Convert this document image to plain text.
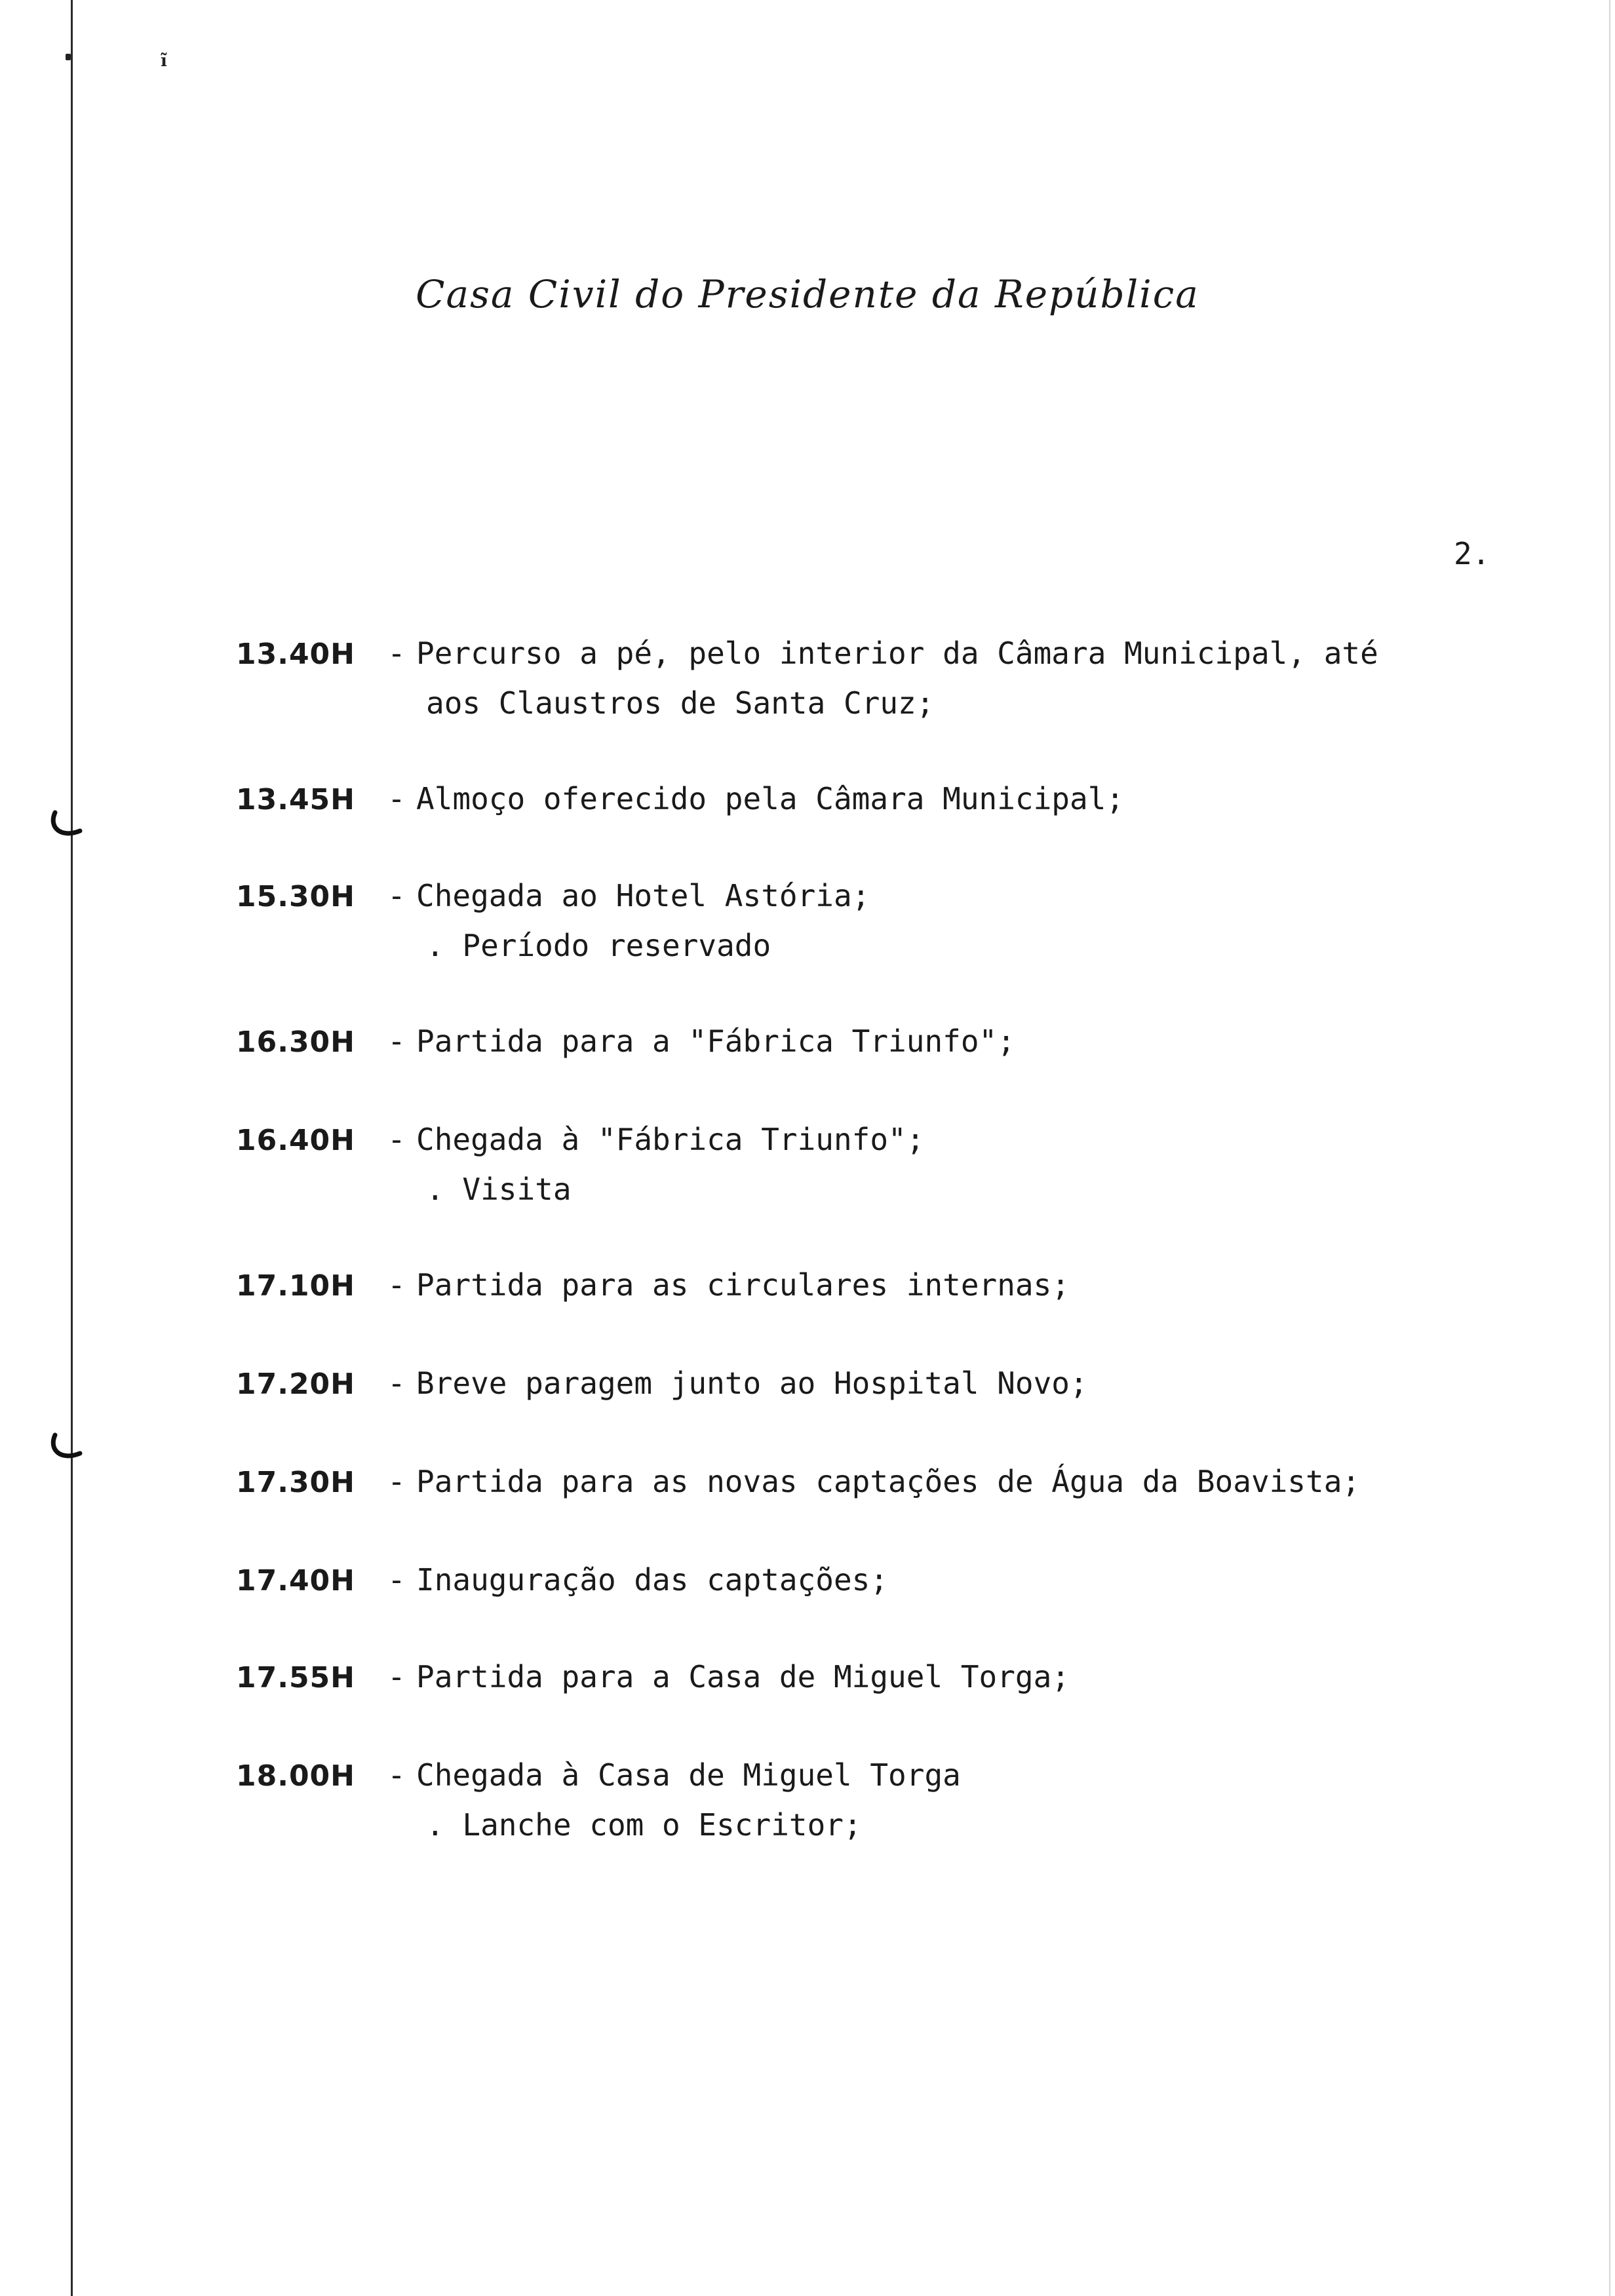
ĩ
Casa Civil do Presidente da República
2.
13.40H - Percurso a pé, pelo interior da Câmara Municipal, até
aos Claustros de Santa Cruz;
13.45H - Almoço oferecido pela Câmara Municipal;
15.30H - Chegada ao Hotel Astória;
. Período reservado
16.30H - Partida para a "Fábrica Triunfo";
16.40H - Chegada à "Fábrica Triunfo";
. Visita
17.10H - Partida para as circulares internas;
17.20H - Breve paragem junto ao Hospital Novo;
17.30H - Partida para as novas captações de Água da Boavista;
17.40H - Inauguração das captações;
17.55H - Partida para a Casa de Miguel Torga;
18.00H - Chegada à Casa de Miguel Torga
. Lanche com o Escritor;
